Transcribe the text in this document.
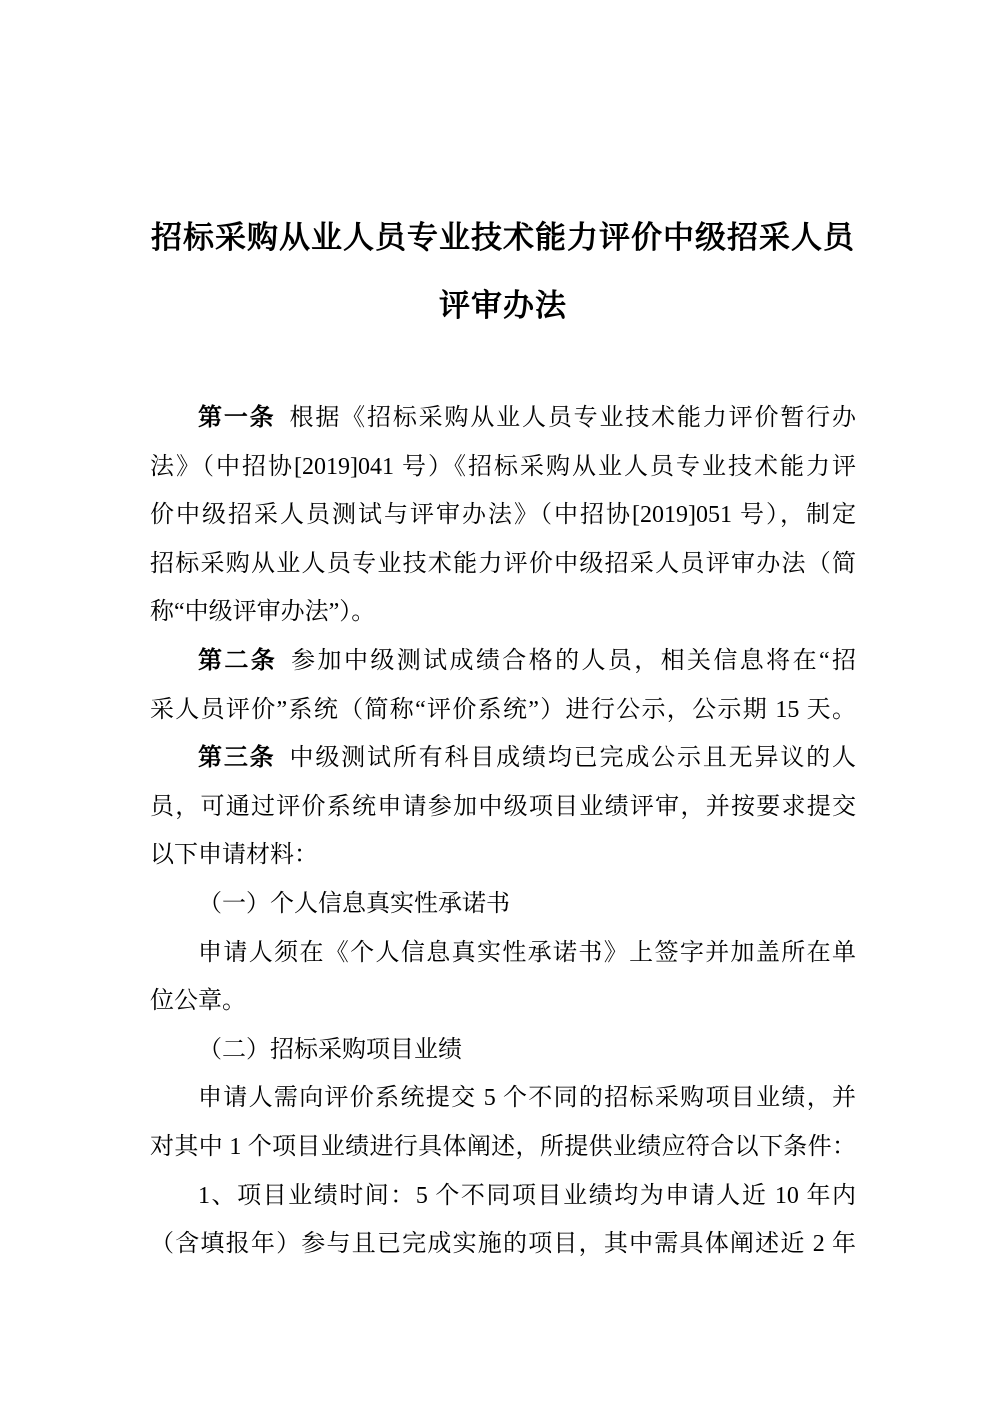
招标采购从业人员专业技术能力评价中级招采人员
评审办法
第一条 根据《招标采购从业人员专业技术能力评价暂行办
法》（中招协[2019]041 号）《招标采购从业人员专业技术能力评
价中级招采人员测试与评审办法》（中招协[2019]051 号），制定
招标采购从业人员专业技术能力评价中级招采人员评审办法（简
称“中级评审办法”）。
第二条 参加中级测试成绩合格的人员，相关信息将在“招
采人员评价”系统（简称“评价系统”）进行公示，公示期 15 天。
第三条 中级测试所有科目成绩均已完成公示且无异议的人
员，可通过评价系统申请参加中级项目业绩评审，并按要求提交
以下申请材料：
（一）个人信息真实性承诺书
申请人须在《个人信息真实性承诺书》上签字并加盖所在单
位公章。
（二）招标采购项目业绩
申请人需向评价系统提交 5 个不同的招标采购项目业绩，并
对其中 1 个项目业绩进行具体阐述，所提供业绩应符合以下条件：
1、项目业绩时间：5 个不同项目业绩均为申请人近 10 年内
（含填报年）参与且已完成实施的项目，其中需具体阐述近 2 年
